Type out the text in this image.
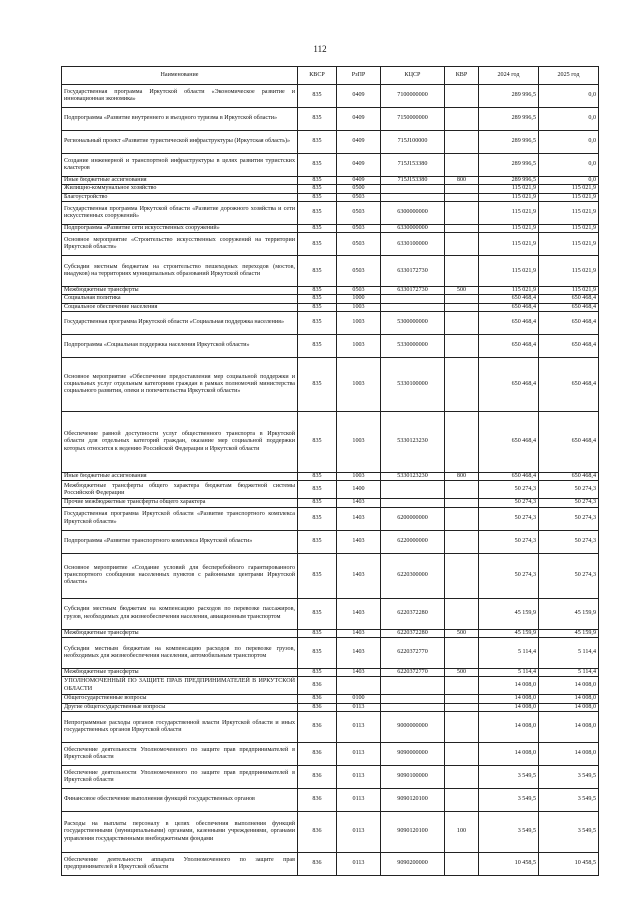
112
Наименование	КВСР	РзПР	КЦСР	КВР	2024 год	2025 год
Государственная программа Иркутской области «Экономическое развитие и инновационная экономика»	835	0409	7100000000		289 996,5	0,0
Подпрограмма «Развитие внутреннего и въездного туризма в Иркутской области»	835	0409	7150000000		289 996,5	0,0
Региональный проект «Развитие туристической инфраструктуры (Иркутская область)»	835	0409	715J100000		289 996,5	0,0
Создание инженерной и транспортной инфраструктуры в целях развития туристских кластеров	835	0409	715J153380		289 996,5	0,0
Иные бюджетные ассигнования	835	0409	715J153380	800	289 996,5	0,0
Жилищно-коммунальное хозяйство	835	0500			115 021,9	115 021,9
Благоустройство	835	0503			115 021,9	115 021,9
Государственная программа Иркутской области «Развитие дорожного хозяйства и сети искусственных сооружений»	835	0503	6300000000		115 021,9	115 021,9
Подпрограмма «Развитие сети искусственных сооружений»	835	0503	6330000000		115 021,9	115 021,9
Основное мероприятие «Строительство искусственных сооружений на территории Иркутской области»	835	0503	6330100000		115 021,9	115 021,9
Субсидии местным бюджетам на строительство пешеходных переходов (мостов, виадуков) на территориях муниципальных образований Иркутской области	835	0503	6330172730		115 021,9	115 021,9
Межбюджетные трансферты	835	0503	6330172730	500	115 021,9	115 021,9
Социальная политика	835	1000			650 468,4	650 468,4
Социальное обеспечение населения	835	1003			650 468,4	650 468,4
Государственная программа Иркутской области «Социальная поддержка населения»	835	1003	5300000000		650 468,4	650 468,4
Подпрограмма «Социальная поддержка населения Иркутской области»	835	1003	5330000000		650 468,4	650 468,4
Основное мероприятие «Обеспечение предоставления мер социальной поддержки и социальных услуг отдельным категориям граждан в рамках полномочий министерства социального развития, опеки и попечительства Иркутской области»	835	1003	5330100000		650 468,4	650 468,4
Обеспечение равной доступности услуг общественного транспорта в Иркутской области для отдельных категорий граждан, оказание мер социальной поддержки которых относится к ведению Российской Федерации и Иркутской области	835	1003	5330123230		650 468,4	650 468,4
Иные бюджетные ассигнования	835	1003	5330123230	800	650 468,4	650 468,4
Межбюджетные трансферты общего характера бюджетам бюджетной системы Российской Федерации	835	1400			50 274,3	50 274,3
Прочие межбюджетные трансферты общего характера	835	1403			50 274,3	50 274,3
Государственная программа Иркутской области «Развитие транспортного комплекса Иркутской области»	835	1403	6200000000		50 274,3	50 274,3
Подпрограмма «Развитие транспортного комплекса Иркутской области»	835	1403	6220000000		50 274,3	50 274,3
Основное мероприятие «Создание условий для бесперебойного гарантированного транспортного сообщения населенных пунктов с районными центрами Иркутской области»	835	1403	6220300000		50 274,3	50 274,3
Субсидии местным бюджетам на компенсацию расходов по перевозке пассажиров, грузов, необходимых для жизнеобеспечения населения, авиационным транспортом	835	1403	6220372280		45 159,9	45 159,9
Межбюджетные трансферты	835	1403	6220372280	500	45 159,9	45 159,9
Субсидии местным бюджетам на компенсацию расходов по перевозке грузов, необходимых для жизнеобеспечения населения, автомобильным транспортом	835	1403	6220372770		5 114,4	5 114,4
Межбюджетные трансферты	835	1403	6220372770	500	5 114,4	5 114,4
УПОЛНОМОЧЕННЫЙ ПО ЗАЩИТЕ ПРАВ ПРЕДПРИНИМАТЕЛЕЙ В ИРКУТСКОЙ ОБЛАСТИ	836				14 008,0	14 008,0
Общегосударственные вопросы	836	0100			14 008,0	14 008,0
Другие общегосударственные вопросы	836	0113			14 008,0	14 008,0
Непрограммные расходы органов государственной власти Иркутской области и иных государственных органов Иркутской области	836	0113	9000000000		14 008,0	14 008,0
Обеспечение деятельности Уполномоченного по защите прав предпринимателей в Иркутской области	836	0113	9090000000		14 008,0	14 008,0
Обеспечение деятельности Уполномоченного по защите прав предпринимателей в Иркутской области	836	0113	9090100000		3 549,5	3 549,5
Финансовое обеспечение выполнения функций государственных органов	836	0113	9090120100		3 549,5	3 549,5
Расходы на выплаты персоналу в целях обеспечения выполнения функций государственными (муниципальными) органами, казенными учреждениями, органами управления государственными внебюджетными фондами	836	0113	9090120100	100	3 549,5	3 549,5
Обеспечение деятельности аппарата Уполномоченного по защите прав предпринимателей в Иркутской области	836	0113	9090200000		10 458,5	10 458,5
